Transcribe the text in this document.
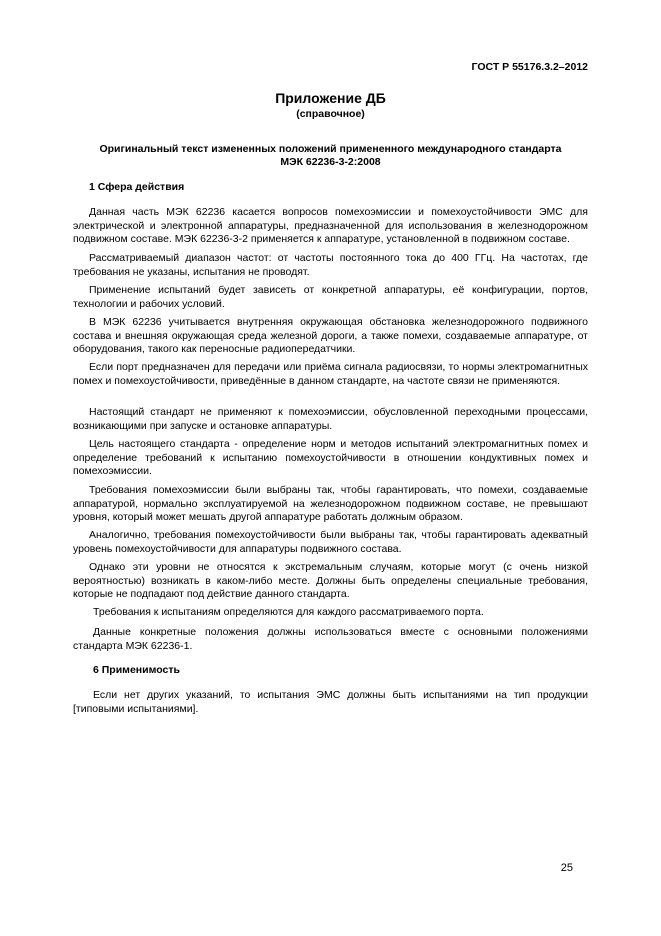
ГОСТ Р 55176.3.2–2012
Приложение ДБ
(справочное)
Оригинальный текст измененных положений примененного международного стандарта
МЭК 62236-3-2:2008
1 Сфера действия
Данная часть МЭК 62236 касается вопросов помехоэмиссии и помехоустойчивости ЭМС для электрической и электронной аппаратуры, предназначенной для использования в железнодорожном подвижном составе. МЭК 62236-3-2 применяется к аппаратуре, установленной в подвижном составе.
Рассматриваемый диапазон частот: от частоты постоянного тока до 400 ГГц. На частотах, где требования не указаны, испытания не проводят.
Применение испытаний будет зависеть от конкретной аппаратуры, её конфигурации, портов, технологии и рабочих условий.
В МЭК 62236 учитывается внутренняя окружающая обстановка железнодорожного подвижного состава и внешняя окружающая среда железной дороги, а также помехи, создаваемые аппаратуре, от оборудования, такого как переносные радиопередатчики.
Если порт предназначен для передачи или приёма сигнала радиосвязи, то нормы электромагнитных помех и помехоустойчивости, приведённые в данном стандарте, на частоте связи не применяются.
Настоящий стандарт не применяют к помехоэмиссии, обусловленной переходными процессами, возникающими при запуске и остановке аппаратуры.
Цель настоящего стандарта - определение норм и методов испытаний электромагнитных помех и определение требований к испытанию помехоустойчивости в отношении кондуктивных помех и помехоэмиссии.
Требования помехоэмиссии были выбраны так, чтобы гарантировать, что помехи, создаваемые аппаратурой, нормально эксплуатируемой на железнодорожном подвижном составе, не превышают уровня, который может мешать другой аппаратуре работать должным образом.
Аналогично, требования помехоустойчивости были выбраны так, чтобы гарантировать адекватный уровень помехоустойчивости для аппаратуры подвижного состава.
Однако эти уровни не относятся к экстремальным случаям, которые могут (с очень низкой вероятностью) возникать в каком-либо месте. Должны быть определены специальные требования, которые не подпадают под действие данного стандарта.
Требования к испытаниям определяются для каждого рассматриваемого порта.
Данные конкретные положения должны использоваться вместе с основными положениями стандарта МЭК 62236-1.
6 Применимость
Если нет других указаний, то испытания ЭМС должны быть испытаниями на тип продукции [типовыми испытаниями].
25
